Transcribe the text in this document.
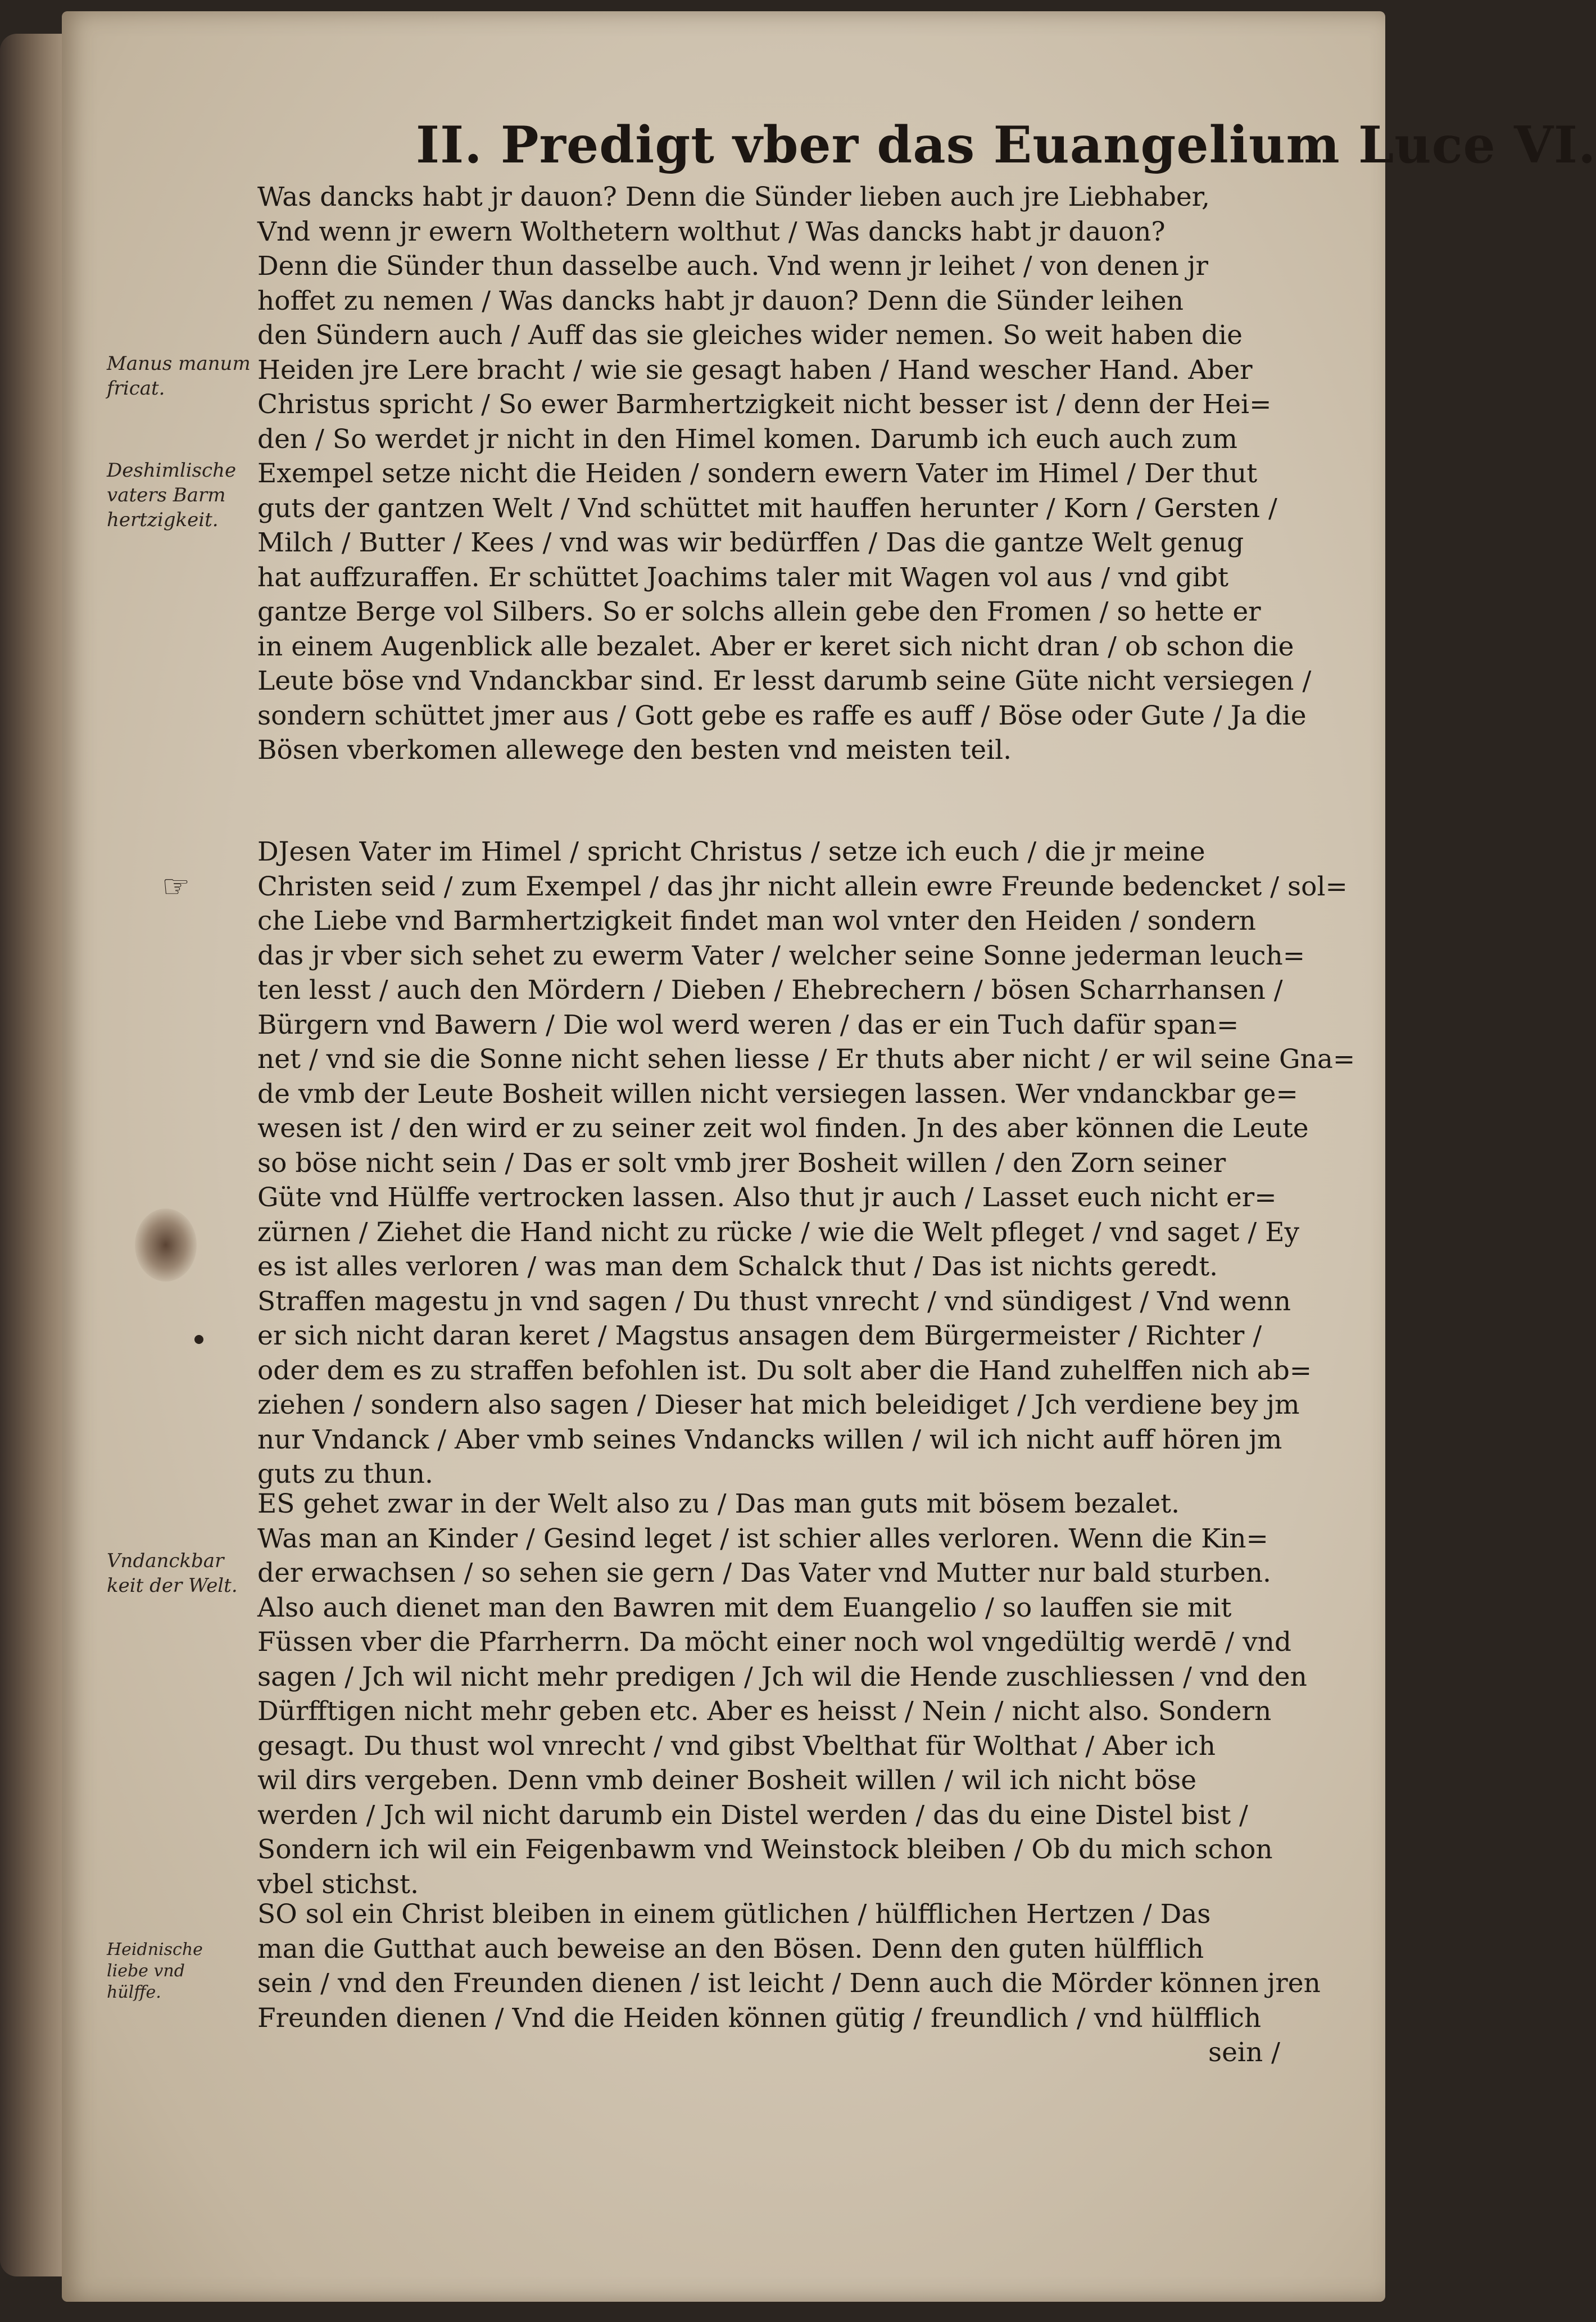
II. Predigt vber das Euangelium Luce VI.
Manus manum
fricat.
Deshimlische
vaters Barm
hertzigkeit.
Vndanckbar
keit der Welt.
Heidnische
liebe vnd
hülffe.
☞
Was dancks habt jr dauon? Denn die Sünder lieben auch jre Liebhaber,
Vnd wenn jr ewern Wolthetern wolthut / Was dancks habt jr dauon?
Denn die Sünder thun dasselbe auch. Vnd wenn jr leihet / von denen jr
hoffet zu nemen / Was dancks habt jr dauon? Denn die Sünder leihen
den Sündern auch / Auff das sie gleiches wider nemen. So weit haben die
Heiden jre Lere bracht / wie sie gesagt haben / Hand wescher Hand. Aber
Christus spricht / So ewer Barmhertzigkeit nicht besser ist / denn der Hei=
den / So werdet jr nicht in den Himel komen. Darumb ich euch auch zum
Exempel setze nicht die Heiden / sondern ewern Vater im Himel / Der thut
guts der gantzen Welt / Vnd schüttet mit hauffen herunter / Korn / Gersten /
Milch / Butter / Kees / vnd was wir bedürffen / Das die gantze Welt genug
hat auffzuraffen. Er schüttet Joachims taler mit Wagen vol aus / vnd gibt
gantze Berge vol Silbers. So er solchs allein gebe den Fromen / so hette er
in einem Augenblick alle bezalet. Aber er keret sich nicht dran / ob schon die
Leute böse vnd Vndanckbar sind. Er lesst darumb seine Güte nicht versiegen /
sondern schüttet jmer aus / Gott gebe es raffe es auff / Böse oder Gute / Ja die
Bösen vberkomen allewege den besten vnd meisten teil.
DJesen Vater im Himel / spricht Christus / setze ich euch / die jr meine
Christen seid / zum Exempel / das jhr nicht allein ewre Freunde bedencket / sol=
che Liebe vnd Barmhertzigkeit findet man wol vnter den Heiden / sondern
das jr vber sich sehet zu ewerm Vater / welcher seine Sonne jederman leuch=
ten lesst / auch den Mördern / Dieben / Ehebrechern / bösen Scharrhansen /
Bürgern vnd Bawern / Die wol werd weren / das er ein Tuch dafür span=
net / vnd sie die Sonne nicht sehen liesse / Er thuts aber nicht / er wil seine Gna=
de vmb der Leute Bosheit willen nicht versiegen lassen. Wer vndanckbar ge=
wesen ist / den wird er zu seiner zeit wol finden. Jn des aber können die Leute
so böse nicht sein / Das er solt vmb jrer Bosheit willen / den Zorn seiner
Güte vnd Hülffe vertrocken lassen. Also thut jr auch / Lasset euch nicht er=
zürnen / Ziehet die Hand nicht zu rücke / wie die Welt pfleget / vnd saget / Ey
es ist alles verloren / was man dem Schalck thut / Das ist nichts geredt.
Straffen magestu jn vnd sagen / Du thust vnrecht / vnd sündigest / Vnd wenn
er sich nicht daran keret / Magstus ansagen dem Bürgermeister / Richter /
oder dem es zu straffen befohlen ist. Du solt aber die Hand zuhelffen nich ab=
ziehen / sondern also sagen / Dieser hat mich beleidiget / Jch verdiene bey jm
nur Vndanck / Aber vmb seines Vndancks willen / wil ich nicht auff hören jm
guts zu thun.
ES gehet zwar in der Welt also zu / Das man guts mit bösem bezalet.
Was man an Kinder / Gesind leget / ist schier alles verloren. Wenn die Kin=
der erwachsen / so sehen sie gern / Das Vater vnd Mutter nur bald sturben.
Also auch dienet man den Bawren mit dem Euangelio / so lauffen sie mit
Füssen vber die Pfarrherrn. Da möcht einer noch wol vngedültig werdē / vnd
sagen / Jch wil nicht mehr predigen / Jch wil die Hende zuschliessen / vnd den
Dürfftigen nicht mehr geben etc. Aber es heisst / Nein / nicht also. Sondern
gesagt. Du thust wol vnrecht / vnd gibst Vbelthat für Wolthat / Aber ich
wil dirs vergeben. Denn vmb deiner Bosheit willen / wil ich nicht böse
werden / Jch wil nicht darumb ein Distel werden / das du eine Distel bist /
Sondern ich wil ein Feigenbawm vnd Weinstock bleiben / Ob du mich schon
vbel stichst.
SO sol ein Christ bleiben in einem gütlichen / hülfflichen Hertzen / Das
man die Gutthat auch beweise an den Bösen. Denn den guten hülfflich
sein / vnd den Freunden dienen / ist leicht / Denn auch die Mörder können jren
Freunden dienen / Vnd die Heiden können gütig / freundlich / vnd hülfflich
sein /
